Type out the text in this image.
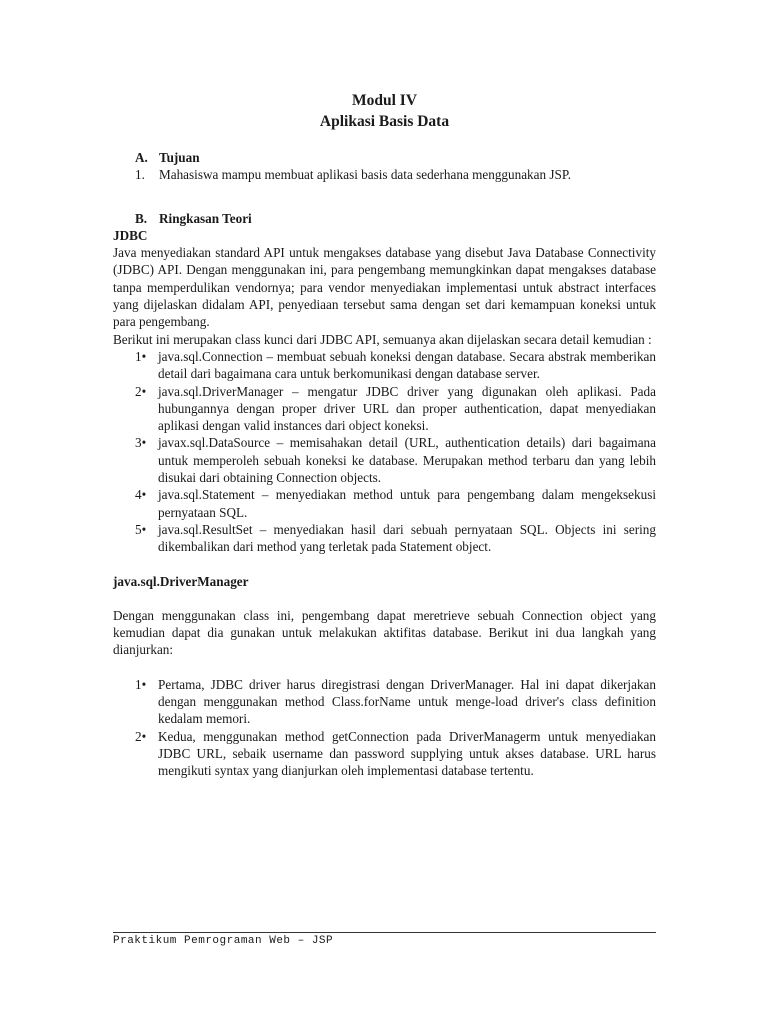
Modul IV
Aplikasi Basis Data
A. Tujuan
1.	Mahasiswa mampu membuat aplikasi basis data sederhana menggunakan JSP.
B. Ringkasan Teori
JDBC
Java menyediakan standard API untuk mengakses database yang disebut Java Database Connectivity (JDBC) API. Dengan menggunakan ini, para pengembang memungkinkan dapat mengakses database tanpa memperdulikan vendornya; para vendor menyediakan implementasi untuk abstract interfaces yang dijelaskan didalam API, penyediaan tersebut sama dengan set dari kemampuan koneksi untuk para pengembang.
Berikut ini merupakan class kunci dari JDBC API, semuanya akan dijelaskan secara detail kemudian :
1• java.sql.Connection – membuat sebuah koneksi dengan database. Secara abstrak memberikan detail dari bagaimana cara untuk berkomunikasi dengan database server.
2• java.sql.DriverManager – mengatur JDBC driver yang digunakan oleh aplikasi. Pada hubungannya dengan proper driver URL dan proper authentication, dapat menyediakan aplikasi dengan valid instances dari object koneksi.
3• javax.sql.DataSource – memisahakan detail (URL, authentication details) dari bagaimana untuk memperoleh sebuah koneksi ke database. Merupakan method terbaru dan yang lebih disukai dari obtaining Connection objects.
4• java.sql.Statement – menyediakan method untuk para pengembang dalam mengeksekusi pernyataan SQL.
5• java.sql.ResultSet – menyediakan hasil dari sebuah pernyataan SQL. Objects ini sering dikembalikan dari method yang terletak pada Statement object.
java.sql.DriverManager
Dengan menggunakan class ini, pengembang dapat meretrieve sebuah Connection object yang kemudian dapat dia gunakan untuk melakukan aktifitas database. Berikut ini dua langkah yang dianjurkan:
1• Pertama, JDBC driver harus diregistrasi dengan DriverManager. Hal ini dapat dikerjakan dengan menggunakan method Class.forName untuk menge-load driver's class definition kedalam memori.
2• Kedua, menggunakan method getConnection pada DriverManagerm untuk menyediakan JDBC URL, sebaik username dan password supplying untuk akses database. URL harus mengikuti syntax yang dianjurkan oleh implementasi database tertentu.
Praktikum Pemrograman Web – JSP
